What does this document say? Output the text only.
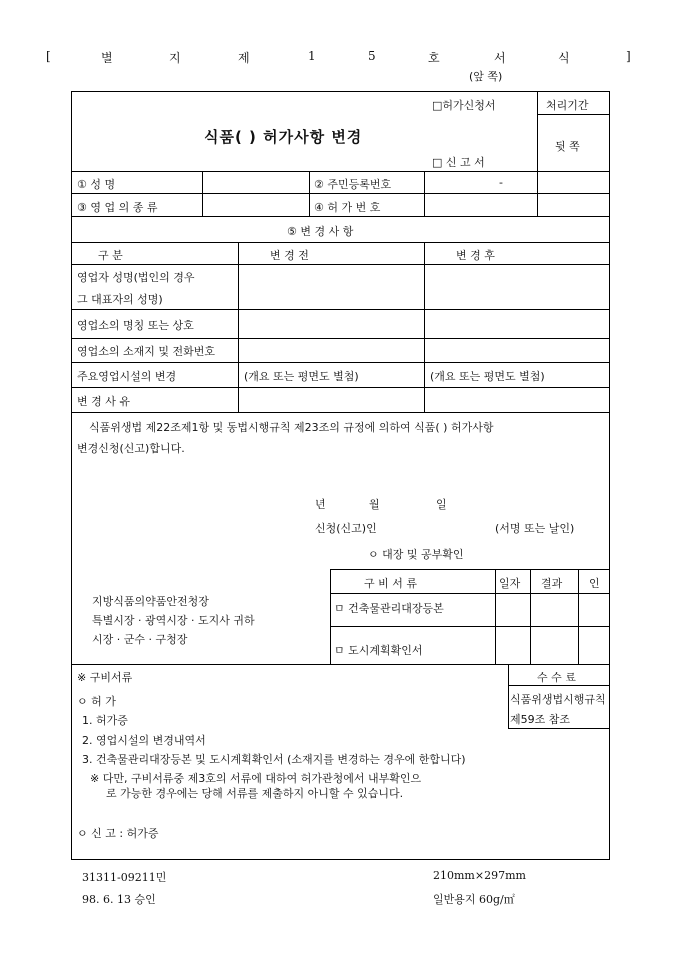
[	별	지	제	1	5	호	서	식	]
(앞 쪽)
식품( ) 허가사항 변경
□허가신청서
□ 신 고 서
처리기간
뒷 쪽
① 성 명	② 주민등록번호	-
③ 영 업 의 종 류	④ 허 가 번 호
⑤ 변 경 사 항
구 분	변 경 전	변 경 후
영업자 성명(법인의 경우
그 대표자의 성명)
영업소의 명칭 또는 상호
영업소의 소재지 및 전화번호
주요영업시설의 변경	(개요 또는 평면도 별첨)	(개요 또는 평면도 별첨)
변 경 사 유
식품위생법 제22조제1항 및 동법시행규칙 제23조의 규정에 의하여 식품( ) 허가사항
변경신청(신고)합니다.
년	월	일
신청(신고)인	(서명 또는 날인)
ㅇ 대장 및 공부확인
지방식품의약품안전청장
특별시장 · 광역시장 · 도지사 귀하
시장 · 군수 · 구청장
구 비 서 류	일자 결과 인
ㅁ 건축물관리대장등본
ㅁ 도시계획확인서
※ 구비서류
ㅇ 허 가
1. 허가증
2. 영업시설의 변경내역서
3. 건축물관리대장등본 및 도시계획확인서 (소재지를 변경하는 경우에 한합니다)
※ 다만, 구비서류중 제3호의 서류에 대하여 허가관청에서 내부확인으
로 가능한 경우에는 당해 서류를 제출하지 아니할 수 있습니다.
ㅇ 신 고 : 허가증
수 수 료
식품위생법시행규칙
제59조 참조
31311-09211민
98. 6. 13 승인
210mm×297mm
일반용지 60g/㎡
